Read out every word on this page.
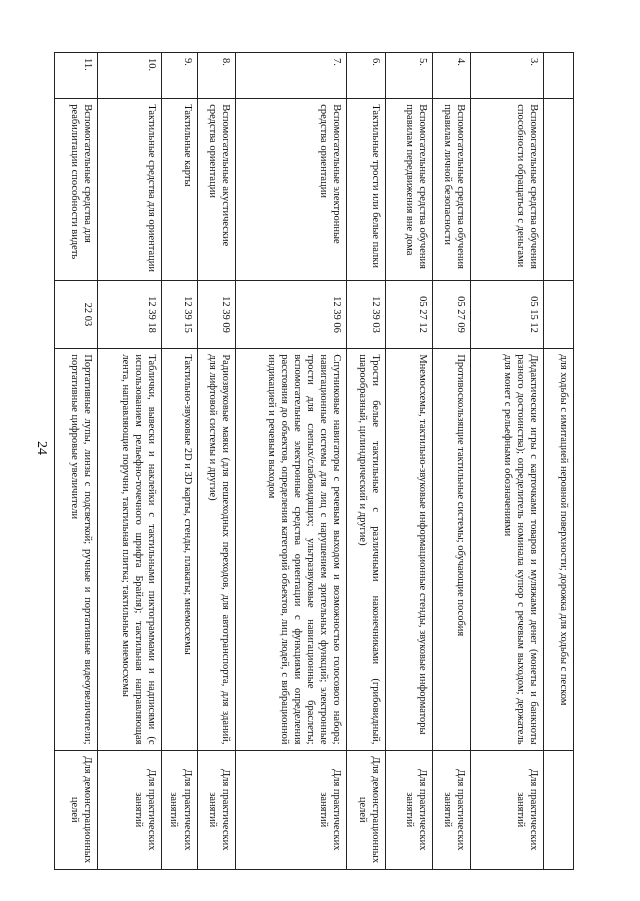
24
				для ходьбы с имитацией неровной поверхности; дорожка для ходьбы с песком	
3.	Вспомогательные средства обучения способности обращаться с деньгами	05 15 12	Дидактические игры с карточками товаров и муляжами денег (монеты и банкноты разного достоинства); определитель номинала купюр с речевым выходом; держатель для монет с рельефными обозначениями	Для практических занятий
4.	Вспомогательные средства обучения правилам личной безопасности	05 27 09	Противоскользящие тактильные системы; обучающие пособия	Для практических занятий
5.	Вспомогательные средства обучения правилам передвижения вне дома	05 27 12	Мнемосхемы, тактильно-звуковые информационные стенды, звуковые информаторы	Для практических занятий
6.	Тактильные трости или белые палки	12 39 03	Трости белые тактильные с различными наконечниками (грибовидный, шарообразный, цилиндрический и другие)	Для демонстрационных целей
7.	Вспомогательные электронные средства ориентации	12 39 06	Спутниковые навигаторы с речевым выходом и возможностью голосового набора; навигационные системы для лиц с нарушением зрительных функций; электронные трости для слепых/слабовидящих; ультразвуковые навигационные браслеты; вспомогательные электронные средства ориентации с функциями определения расстояния до объектов, определения категорий объектов, лиц людей, с вибрационной индикацией и речевым выходом	Для практических занятий
8.	Вспомогательные акустические средства ориентации	12 39 09	Радиозвуковые маяки (для пешеходных переходов, для автотранспорта, для зданий, для лифтовой системы и другие)	Для практических занятий
9.	Тактильные карты	12 39 15	Тактильно-звуковые 2D и 3D карты, стенды, плакаты; мнемосхемы	Для практических занятий
10.	Тактильные средства для ориентации	12 39 18	Таблички, вывески и наклейки с тактильными пиктограммами и надписями (с использованием рельефно-точечного шрифта Брайля); тактильная направляющая лента, направляющие поручни, тактильная плитка; тактильные мнемосхемы	Для практических занятий
11.	Вспомогательные средства для реабилитации способности видеть	22 03	Портативные лупы, линзы с подсветкой; ручные и портативные видеоувеличители; портативные цифровые увеличители	Для демонстрационных целей
